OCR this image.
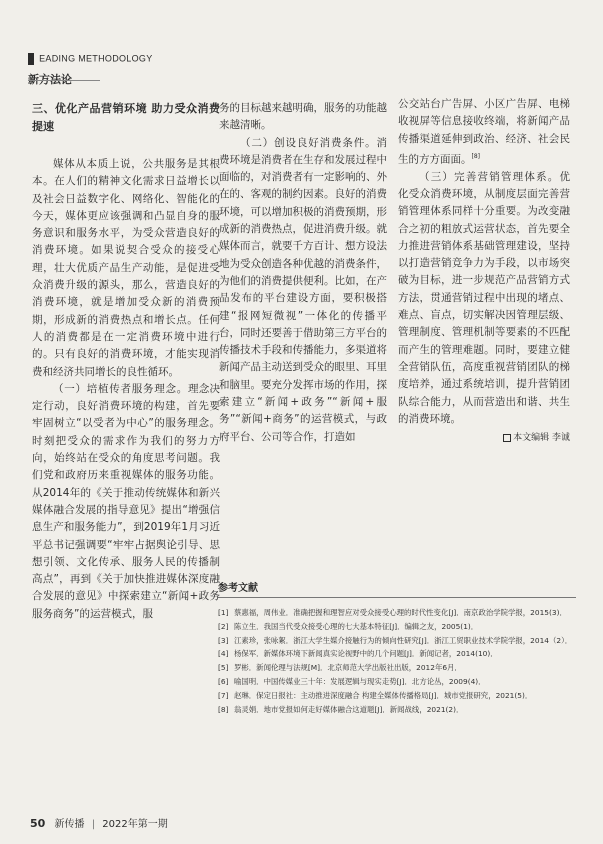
EADING METHODOLOGY
新方法论
三、优化产品营销环境 助力受众消费提速

媒体从本质上说，公共服务是其根本。在人们的精神文化需求日益增长以及社会日益数字化、网络化、智能化的今天，媒体更应该强调和凸显自身的服务意识和服务水平，为受众营造良好的消费环境。如果说契合受众的接受心理，壮大优质产品生产动能，是促进受众消费升级的源头，那么，营造良好的消费环境，就是增加受众新的消费预期，形成新的消费热点和增长点。任何人的消费都是在一定消费环境中进行的。只有良好的消费环境，才能实现消费和经济共同增长的良性循环。

（一）培植传者服务理念。理念决定行动，良好消费环境的构建，首先要牢固树立“以受者为中心”的服务理念。时刻把受众的需求作为我们的努力方向，始终站在受众的角度思考问题。我们党和政府历来重视媒体的服务功能。从2014年的《关于推动传统媒体和新兴媒体融合发展的指导意见》提出“增强信息生产和服务能力”，到2019年1月习近平总书记强调要“牢牢占据舆论引导、思想引领、文化传承、服务人民的传播制高点”，再到《关于加快推进媒体深度融合发展的意见》中探索建立“新闻+政务服务商务”的运营模式，服

务的目标越来越明确，服务的功能越来越清晰。

（二）创设良好消费条件。消费环境是消费者在生存和发展过程中面临的，对消费者有一定影响的、外在的、客观的制约因素。良好的消费环境，可以增加积极的消费预期，形成新的消费热点，促进消费升级。就媒体而言，就要千方百计、想方设法地为受众创造各种优越的消费条件，为他们的消费提供便利。比如，在产品发布的平台建设方面，要积极搭建“报网短微视”一体化的传播平台，同时还要善于借助第三方平台的传播技术手段和传播能力，多渠道将新闻产品主动送到受众的眼里、耳里和脑里。要充分发挥市场的作用，探索建立“新闻+政务”“新闻+服务”“新闻+商务”的运营模式，与政府平台、公司等合作，打造如

公交站台广告屏、小区广告屏、电梯收视屏等信息接收终端，将新闻产品传播渠道延伸到政治、经济、社会民生的方方面面。[8]

（三）完善营销管理体系。优化受众消费环境，从制度层面完善营销管理体系同样十分重要。为改变融合之初的粗放式运营状态，首先要全力推进营销体系基础管理建设，坚持以打造营销竞争力为手段，以市场突破为目标，进一步规范产品营销方式方法，贯通营销过程中出现的堵点、难点、盲点，切实解决因管理层级、管理制度、管理机制等要素的不匹配而产生的管理难题。同时，要建立健全营销队伍，高度重视营销团队的梯度培养，通过系统培训，提升营销团队综合能力，从而营造出和谐、共生的消费环境。

本文编辑 李诚
参考文献
[1] 蔡惠福，周伟业．准确把握和理智应对受众接受心理的时代性变化[J]．南京政治学院学报，2015(3)．
[2] 陈立生．我国当代受众接受心理的七大基本特征[J]．编辑之友，2005(1)．
[3] 江素珍，张咏絮．浙江大学生媒介接触行为的倾向性研究[J]．浙江工贸职业技术学院学报，2014（2）．
[4] 杨保军．新媒体环境下新闻真实论视野中的几个问题[J]．新闻记者，2014(10)．
[5] 罗彬．新闻伦理与法规[M]．北京师范大学出版社出版，2012年6月．
[6] 喻国明．中国传媒业三十年：发展逻辑与现实走势[J]．北方论丛，2009(4)．
[7] 赵琳．保定日报社：主动推进深度融合 构建全媒体传播格局[J]．城市党报研究，2021(5)．
[8] 翁灵娟．地市党报如何走好媒体融合这道题[J]．新闻战线，2021(2)．
50 新传播 | 2022年第一期
